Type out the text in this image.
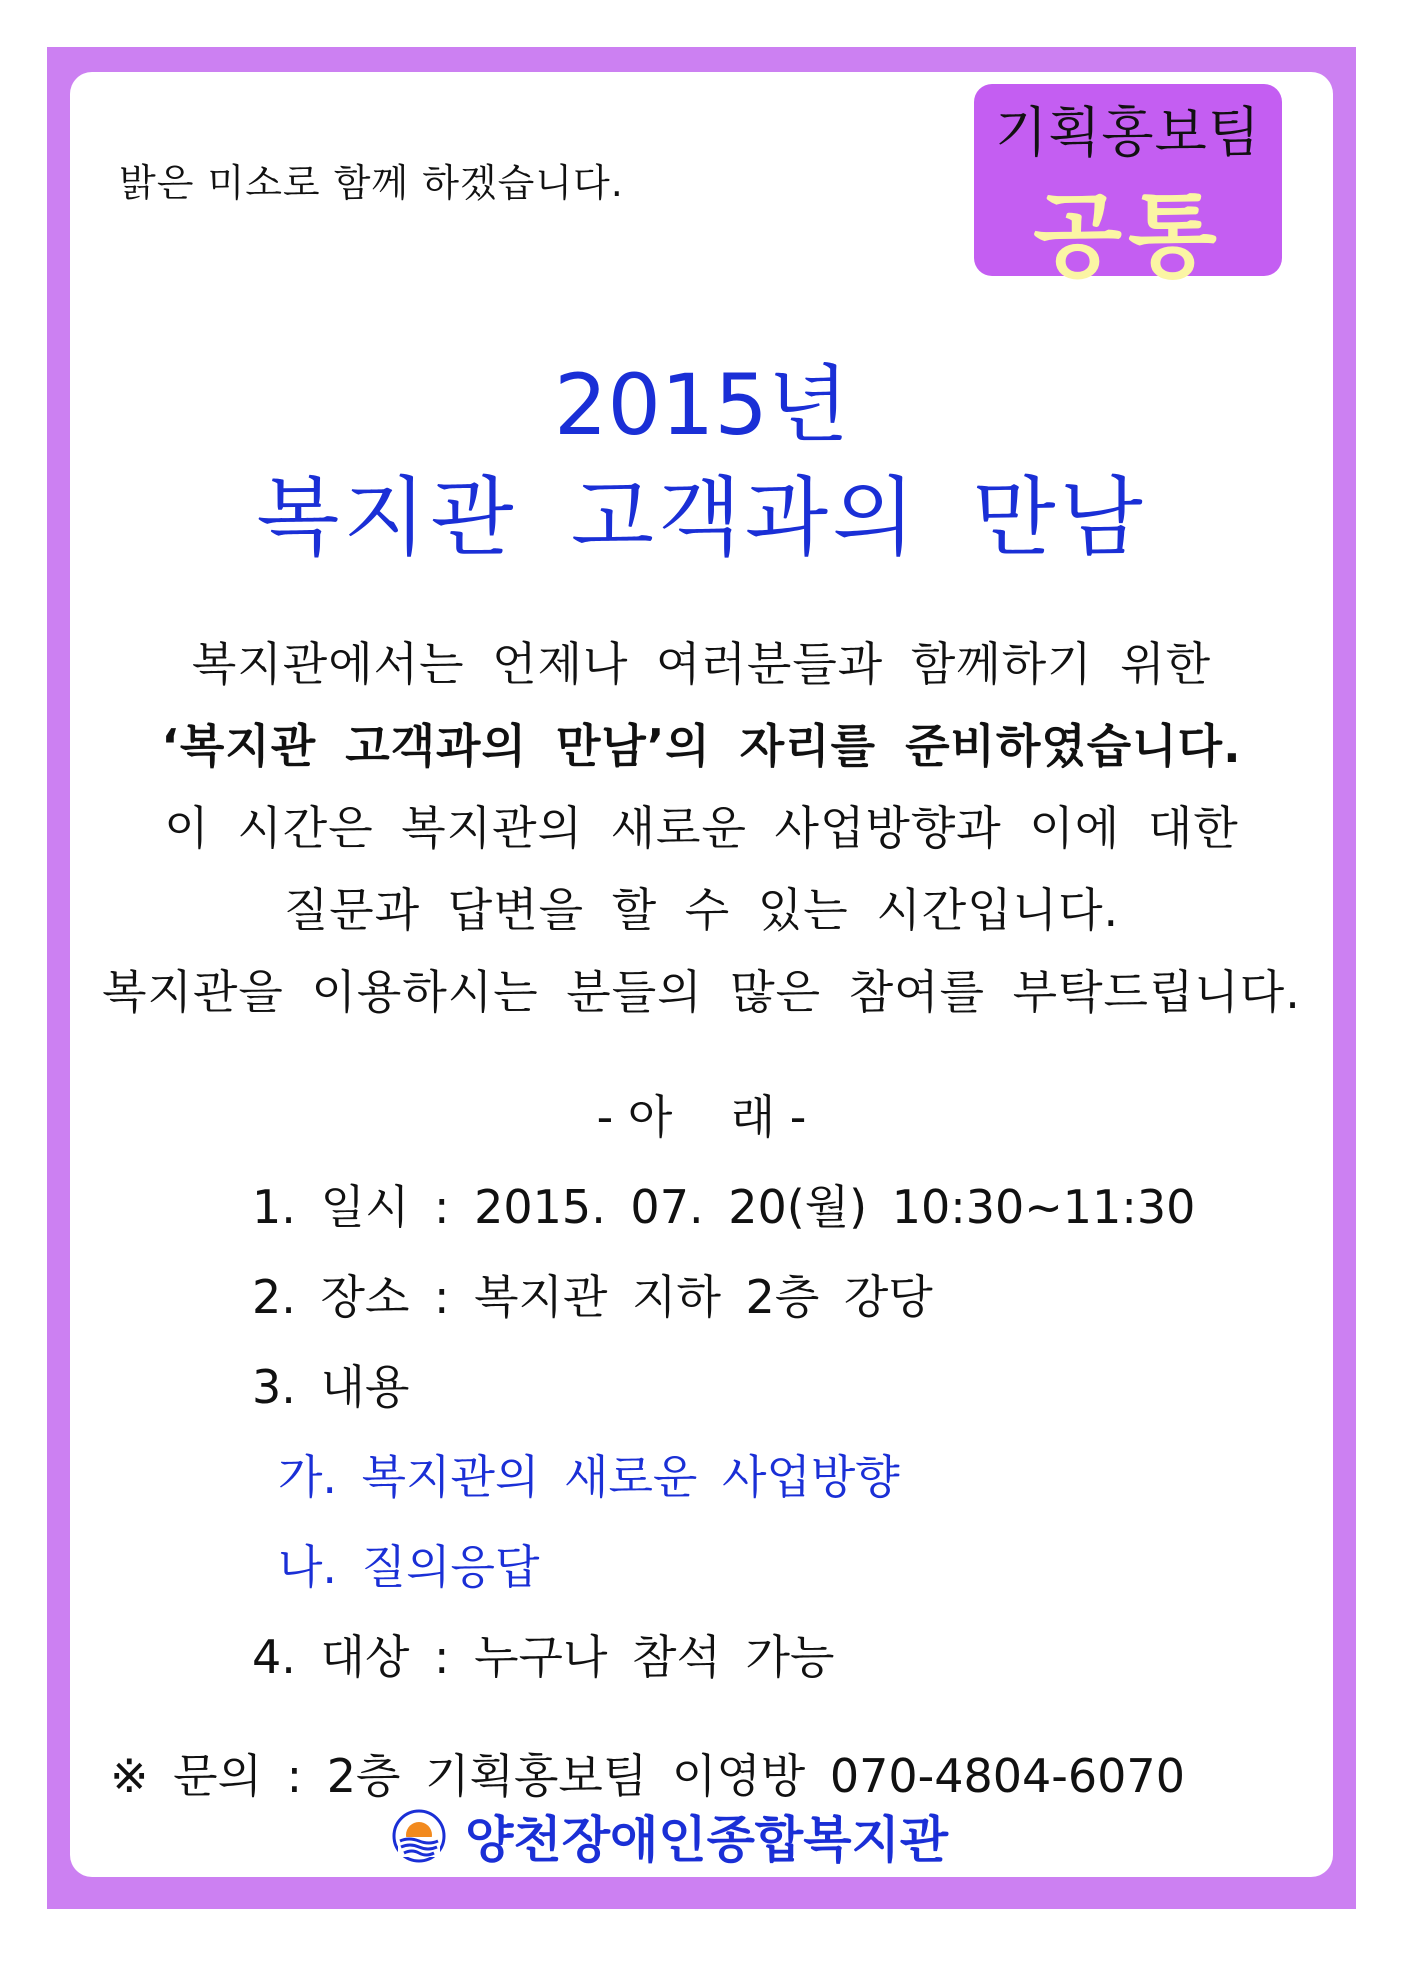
밝은 미소로 함께 하겠습니다.
기획홍보팀
공통
2015년
복지관 고객과의 만남
복지관에서는 언제나 여러분들과 함께하기 위한
‘복지관 고객과의 만남’의 자리를 준비하였습니다.
이 시간은 복지관의 새로운 사업방향과 이에 대한
질문과 답변을 할 수 있는 시간입니다.
복지관을 이용하시는 분들의 많은 참여를 부탁드립니다.
- 아    래 -
1. 일시 : 2015. 07. 20(월) 10:30~11:30
2. 장소 : 복지관 지하 2층 강당
3. 내용
가. 복지관의 새로운 사업방향
나. 질의응답
4. 대상 : 누구나 참석 가능
※ 문의 : 2층 기획홍보팀 이영방 070-4804-6070
양천장애인종합복지관
